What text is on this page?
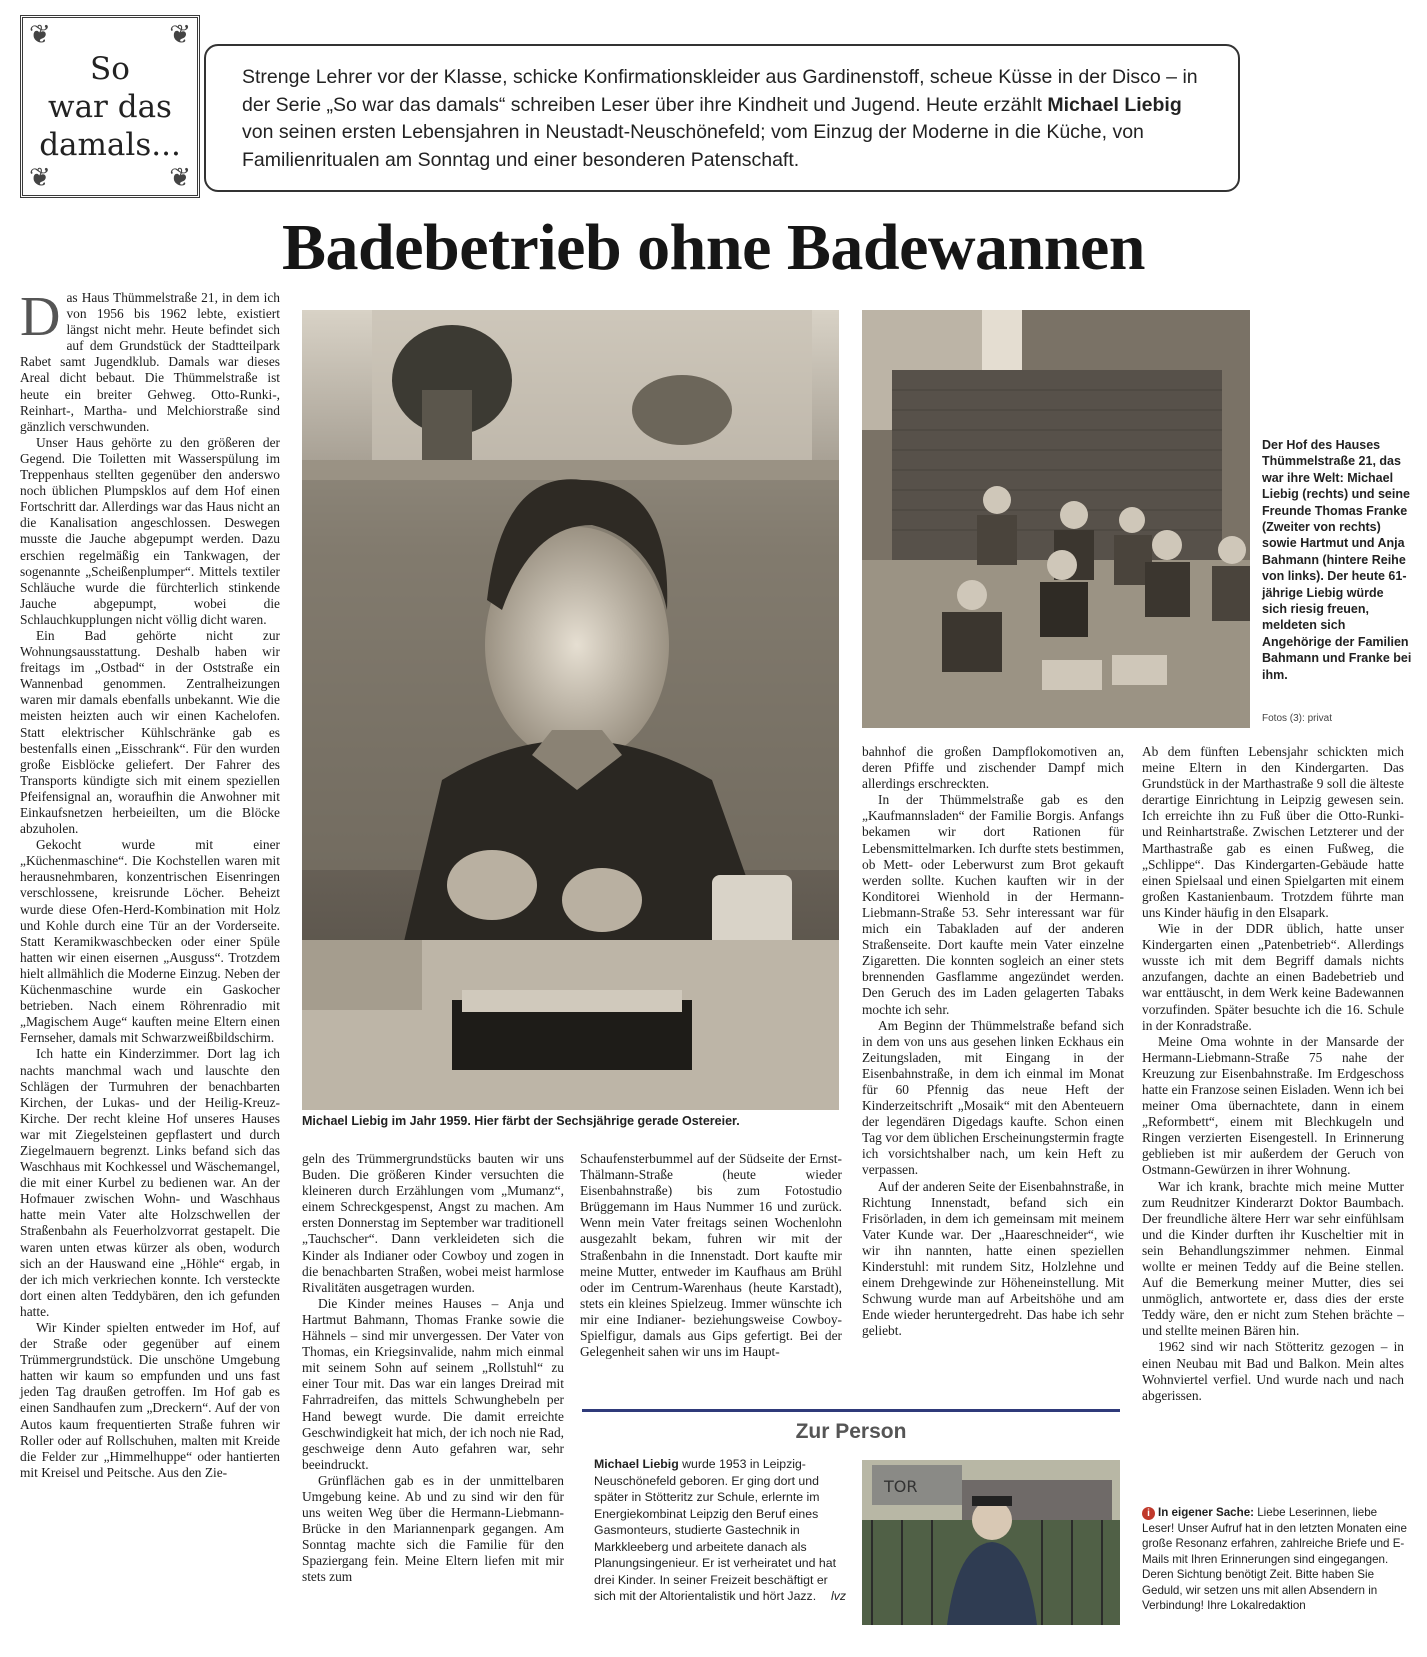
❦	❦
❦	❦
So
war das
damals...
Strenge Lehrer vor der Klasse, schicke Konfirmationskleider aus Gardinenstoff, scheue Küsse in der Disco – in der Serie „So war das damals“ schreiben Leser über ihre Kindheit und Jugend. Heute erzählt Michael Liebig von seinen ersten Lebensjahren in Neustadt-Neuschönefeld; vom Einzug der Moderne in die Küche, von Familienritualen am Sonntag und einer besonderen Patenschaft.
Badebetrieb ohne Badewannen
D as Haus Thümmelstraße 21, in dem ich von 1956 bis 1962 lebte, existiert längst nicht mehr. Heute befindet sich auf dem Grundstück der Stadtteilpark Rabet samt Jugendklub. Damals war dieses Areal dicht bebaut. Die Thümmelstraße ist heute ein breiter Gehweg. Otto-Runki-, Reinhart-, Martha- und Melchiorstraße sind gänzlich verschwunden.

Unser Haus gehörte zu den größeren der Gegend. Die Toiletten mit Wasserspülung im Treppenhaus stellten gegenüber den anderswo noch üblichen Plumpsklos auf dem Hof einen Fortschritt dar. Allerdings war das Haus nicht an die Kanalisation angeschlossen. Deswegen musste die Jauche abgepumpt werden. Dazu erschien regelmäßig ein Tankwagen, der sogenannte „Scheißenplumper“. Mittels textiler Schläuche wurde die fürchterlich stinkende Jauche abgepumpt, wobei die Schlauchkupplungen nicht völlig dicht waren.

Ein Bad gehörte nicht zur Wohnungsausstattung. Deshalb haben wir freitags im „Ostbad“ in der Oststraße ein Wannenbad genommen. Zentralheizungen waren mir damals ebenfalls unbekannt. Wie die meisten heizten auch wir einen Kachelofen. Statt elektrischer Kühlschränke gab es bestenfalls einen „Eisschrank“. Für den wurden große Eisblöcke geliefert. Der Fahrer des Transports kündigte sich mit einem speziellen Pfeifensignal an, woraufhin die Anwohner mit Einkaufsnetzen herbeieilten, um die Blöcke abzuholen.

Gekocht wurde mit einer „Küchenmaschine“. Die Kochstellen waren mit herausnehmbaren, konzentrischen Eisenringen verschlossene, kreisrunde Löcher. Beheizt wurde diese Ofen-Herd-Kombination mit Holz und Kohle durch eine Tür an der Vorderseite. Statt Keramikwaschbecken oder einer Spüle hatten wir einen eisernen „Ausguss“. Trotzdem hielt allmählich die Moderne Einzug. Neben der Küchenmaschine wurde ein Gaskocher betrieben. Nach einem Röhrenradio mit „Magischem Auge“ kauften meine Eltern einen Fernseher, damals mit Schwarzweißbildschirm.

Ich hatte ein Kinderzimmer. Dort lag ich nachts manchmal wach und lauschte den Schlägen der Turmuhren der benachbarten Kirchen, der Lukas- und der Heilig-Kreuz-Kirche. Der recht kleine Hof unseres Hauses war mit Ziegelsteinen gepflastert und durch Ziegelmauern begrenzt. Links befand sich das Waschhaus mit Kochkessel und Wäschemangel, die mit einer Kurbel zu bedienen war. An der Hofmauer zwischen Wohn- und Waschhaus hatte mein Vater alte Holzschwellen der Straßenbahn als Feuerholzvorrat gestapelt. Die waren unten etwas kürzer als oben, wodurch sich an der Hauswand eine „Höhle“ ergab, in der ich mich verkriechen konnte. Ich versteckte dort einen alten Teddybären, den ich gefunden hatte.

Wir Kinder spielten entweder im Hof, auf der Straße oder gegenüber auf einem Trümmergrundstück. Die unschöne Umgebung hatten wir kaum so empfunden und uns fast jeden Tag draußen getroffen. Im Hof gab es einen Sandhaufen zum „Dreckern“. Auf der von Autos kaum frequentierten Straße fuhren wir Roller oder auf Rollschuhen, malten mit Kreide die Felder zur „Himmelhuppe“ oder hantierten mit Kreisel und Peitsche. Aus den Zie-

Michael Liebig im Jahr 1959. Hier färbt der Sechsjährige gerade Ostereier.
Der Hof des Hauses Thümmelstraße 21, das war ihre Welt: Michael Liebig (rechts) und seine Freunde Thomas Franke (Zweiter von rechts) sowie Hartmut und Anja Bahmann (hintere Reihe von links). Der heute 61-jährige Liebig würde sich riesig freuen, meldeten sich Angehörige der Familien Bahmann und Franke bei ihm.
Fotos (3): privat

geln des Trümmergrundstücks bauten wir uns Buden. Die größeren Kinder versuchten die kleineren durch Erzählungen vom „Mumanz“, einem Schreckgespenst, Angst zu machen. Am ersten Donnerstag im September war traditionell „Tauchscher“. Dann verkleideten sich die Kinder als Indianer oder Cowboy und zogen in die benachbarten Straßen, wobei meist harmlose Rivalitäten ausgetragen wurden.

Die Kinder meines Hauses – Anja und Hartmut Bahmann, Thomas Franke sowie die Hähnels – sind mir unvergessen. Der Vater von Thomas, ein Kriegsinvalide, nahm mich einmal mit seinem Sohn auf seinem „Rollstuhl“ zu einer Tour mit. Das war ein langes Dreirad mit Fahrradreifen, das mittels Schwunghebeln per Hand bewegt wurde. Die damit erreichte Geschwindigkeit hat mich, der ich noch nie Rad, geschweige denn Auto gefahren war, sehr beeindruckt.

Grünflächen gab es in der unmittelbaren Umgebung keine. Ab und zu sind wir den für uns weiten Weg über die Hermann-Liebmann-Brücke in den Mariannenpark gegangen. Am Sonntag machte sich die Familie für den Spaziergang fein. Meine Eltern liefen mit mir stets zum

Schaufensterbummel auf der Südseite der Ernst-Thälmann-Straße (heute wieder Eisenbahnstraße) bis zum Fotostudio Brüggemann im Haus Nummer 16 und zurück. Wenn mein Vater freitags seinen Wochenlohn ausgezahlt bekam, fuhren wir mit der Straßenbahn in die Innenstadt. Dort kaufte mir meine Mutter, entweder im Kaufhaus am Brühl oder im Centrum-Warenhaus (heute Karstadt), stets ein kleines Spielzeug. Immer wünschte ich mir eine Indianer- beziehungsweise Cowboy-Spielfigur, damals aus Gips gefertigt. Bei der Gelegenheit sahen wir uns im Haupt-

bahnhof die großen Dampflokomotiven an, deren Pfiffe und zischender Dampf mich allerdings erschreckten.

In der Thümmelstraße gab es den „Kaufmannsladen“ der Familie Borgis. Anfangs bekamen wir dort Rationen für Lebensmittelmarken. Ich durfte stets bestimmen, ob Mett- oder Leberwurst zum Brot gekauft werden sollte. Kuchen kauften wir in der Konditorei Wienhold in der Hermann-Liebmann-Straße 53. Sehr interessant war für mich ein Tabakladen auf der anderen Straßenseite. Dort kaufte mein Vater einzelne Zigaretten. Die konnten sogleich an einer stets brennenden Gasflamme angezündet werden. Den Geruch des im Laden gelagerten Tabaks mochte ich sehr.

Am Beginn der Thümmelstraße befand sich in dem von uns aus gesehen linken Eckhaus ein Zeitungsladen, mit Eingang in der Eisenbahnstraße, in dem ich einmal im Monat für 60 Pfennig das neue Heft der Kinderzeitschrift „Mosaik“ mit den Abenteuern der legendären Digedags kaufte. Schon einen Tag vor dem üblichen Erscheinungstermin fragte ich vorsichtshalber nach, um kein Heft zu verpassen.

Auf der anderen Seite der Eisenbahnstraße, in Richtung Innenstadt, befand sich ein Frisörladen, in dem ich gemeinsam mit meinem Vater Kunde war. Der „Haareschneider“, wie wir ihn nannten, hatte einen speziellen Kinderstuhl: mit rundem Sitz, Holzlehne und einem Drehgewinde zur Höheneinstellung. Mit Schwung wurde man auf Arbeitshöhe und am Ende wieder heruntergedreht. Das habe ich sehr geliebt.

Ab dem fünften Lebensjahr schickten mich meine Eltern in den Kindergarten. Das Grundstück in der Marthastraße 9 soll die älteste derartige Einrichtung in Leipzig gewesen sein. Ich erreichte ihn zu Fuß über die Otto-Runki- und Reinhartstraße. Zwischen Letzterer und der Marthastraße gab es einen Fußweg, die „Schlippe“. Das Kindergarten-Gebäude hatte einen Spielsaal und einen Spielgarten mit einem großen Kastanienbaum. Trotzdem führte man uns Kinder häufig in den Elsapark.

Wie in der DDR üblich, hatte unser Kindergarten einen „Patenbetrieb“. Allerdings wusste ich mit dem Begriff damals nichts anzufangen, dachte an einen Badebetrieb und war enttäuscht, in dem Werk keine Badewannen vorzufinden. Später besuchte ich die 16. Schule in der Konradstraße.

Meine Oma wohnte in der Mansarde der Hermann-Liebmann-Straße 75 nahe der Kreuzung zur Eisenbahnstraße. Im Erdgeschoss hatte ein Franzose seinen Eisladen. Wenn ich bei meiner Oma übernachtete, dann in einem „Reformbett“, einem mit Blechkugeln und Ringen verzierten Eisengestell. In Erinnerung geblieben ist mir außerdem der Geruch von Ostmann-Gewürzen in ihrer Wohnung.

War ich krank, brachte mich meine Mutter zum Reudnitzer Kinderarzt Doktor Baumbach. Der freundliche ältere Herr war sehr einfühlsam und die Kinder durften ihr Kuscheltier mit in sein Behandlungszimmer nehmen. Einmal wollte er meinen Teddy auf die Beine stellen. Auf die Bemerkung meiner Mutter, dies sei unmöglich, antwortete er, dass dies der erste Teddy wäre, den er nicht zum Stehen brächte – und stellte meinen Bären hin.

1962 sind wir nach Stötteritz gezogen – in einen Neubau mit Bad und Balkon. Mein altes Wohnviertel verfiel. Und wurde nach und nach abgerissen.

Zur Person
Michael Liebig wurde 1953 in Leipzig-Neuschönefeld geboren. Er ging dort und später in Stötteritz zur Schule, erlernte im Energiekombinat Leipzig den Beruf eines Gasmonteurs, studierte Gastechnik in Markkleeberg und arbeitete danach als Planungsingenieur. Er ist verheiratet und hat drei Kinder. In seiner Freizeit beschäftigt er sich mit der Altorientalistik und hört Jazz. lvz
TOR
i In eigener Sache: Liebe Leserinnen, liebe Leser! Unser Aufruf hat in den letzten Monaten eine große Resonanz erfahren, zahlreiche Briefe und E-Mails mit Ihren Erinnerungen sind eingegangen. Deren Sichtung benötigt Zeit. Bitte haben Sie Geduld, wir setzen uns mit allen Absendern in Verbindung! Ihre Lokalredaktion
